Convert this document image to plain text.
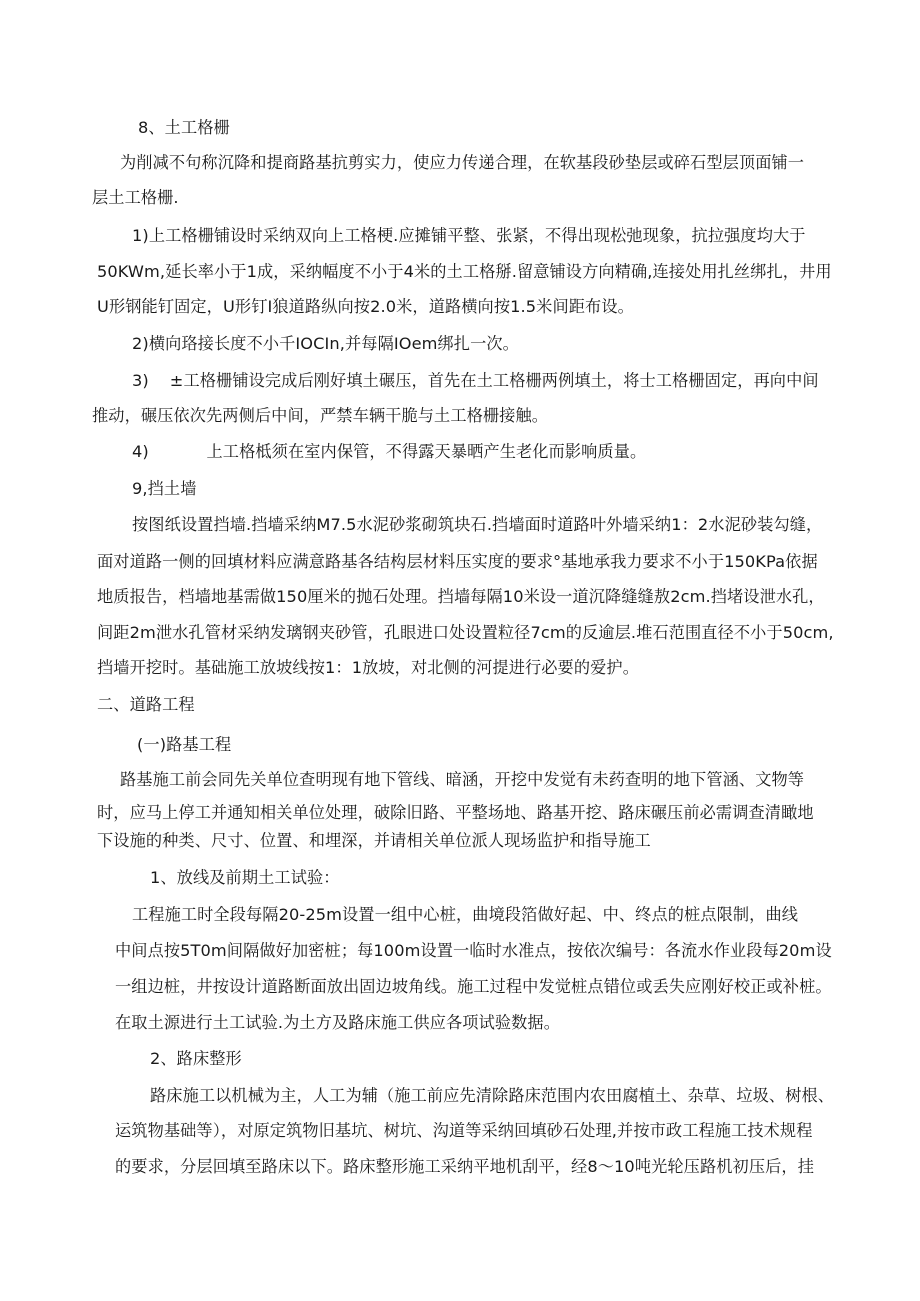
8、土工格栅
为削减不句称沉降和提商路基抗剪实力，使应力传递合理，在软基段砂垫层或碎石型层顶面铺一
层土工格栅.
1)上工格栅铺设时采纳双向上工格梗.应摊铺平整、张紧，不得出现松弛现象，抗拉强度均大于
50KWm,延长率小于1成，采纳幅度不小于4米的土工格掰.留意铺设方向精确,连接处用扎丝绑扎，井用
U形钢能钉固定，U形钉I狼道路纵向按2.0米，道路横向按1.5米间距布设。
2)横向珞接长度不小千IOCIn,并每隔IOem绑扎一次。
3)    ±工格栅铺设完成后刚好填土碾压，首先在土工格栅两例填土，将士工格栅固定，再向中间
推动，碾压依次先两侧后中间，严禁车辆干脆与土工格栅接触。
4)           上工格柢须在室内保管，不得露天暴晒产生老化而影响质量。
9,挡土墙
按图纸设置挡墙.挡墙采纳M7.5水泥砂浆砌筑块石.挡墙面时道路叶外墙采纳1：2水泥砂装勾缝，
面对道路一侧的回填材料应满意路基各结构层材料压实度的要求°基地承我力要求不小于150KPa依据
地质报告，档墙地基需做150厘米的抛石处理。挡墙每隔10米设一道沉降缝缝敖2cm.挡堵设泄水孔，
间距2m泄水孔管材采纳发璃钢夹砂管，孔眼进口处设置粒径7cm的反逾层.堆石范围直径不小于50cm,
挡墙开挖时。基础施工放坡线按1：1放坡，对北侧的河提进行必要的爱护。
二、道路工程
(一)路基工程
路基施工前会同先关单位查明现有地下管线、暗涵，开挖中发觉有未药查明的地下管涵、文物等
时，应马上停工并通知相关单位处理，破除旧路、平整场地、路基开挖、路床碾压前必需调查清瞰地
下设施的种类、尺寸、位置、和埋深，并请相关单位派人现场监护和指导施工
1、放线及前期土工试验：
工程施工时全段每隔20-25m设置一组中心桩，曲境段箔做好起、中、终点的桩点限制，曲线
中间点按5T0m间隔做好加密桩；每100m设置一临时水准点，按依次编号：各流水作业段每20m设
一组边桩，井按设计道路断面放出固边坡角线。施工过程中发觉桩点错位或丢失应刚好校正或补桩。
在取土源进行土工试验.为土方及路床施工供应各项试验数据。
2、路床整形
路床施工以机械为主，人工为辅（施工前应先清除路床范围内农田腐植土、杂草、垃圾、树根、
运筑物基础等），对原定筑物旧基坑、树坑、沟道等采纳回填砂石处理,并按市政工程施工技术规程
的要求，分层回填至路床以下。路床整形施工采纳平地机刮平，经8～10吨光轮压路机初压后，挂
